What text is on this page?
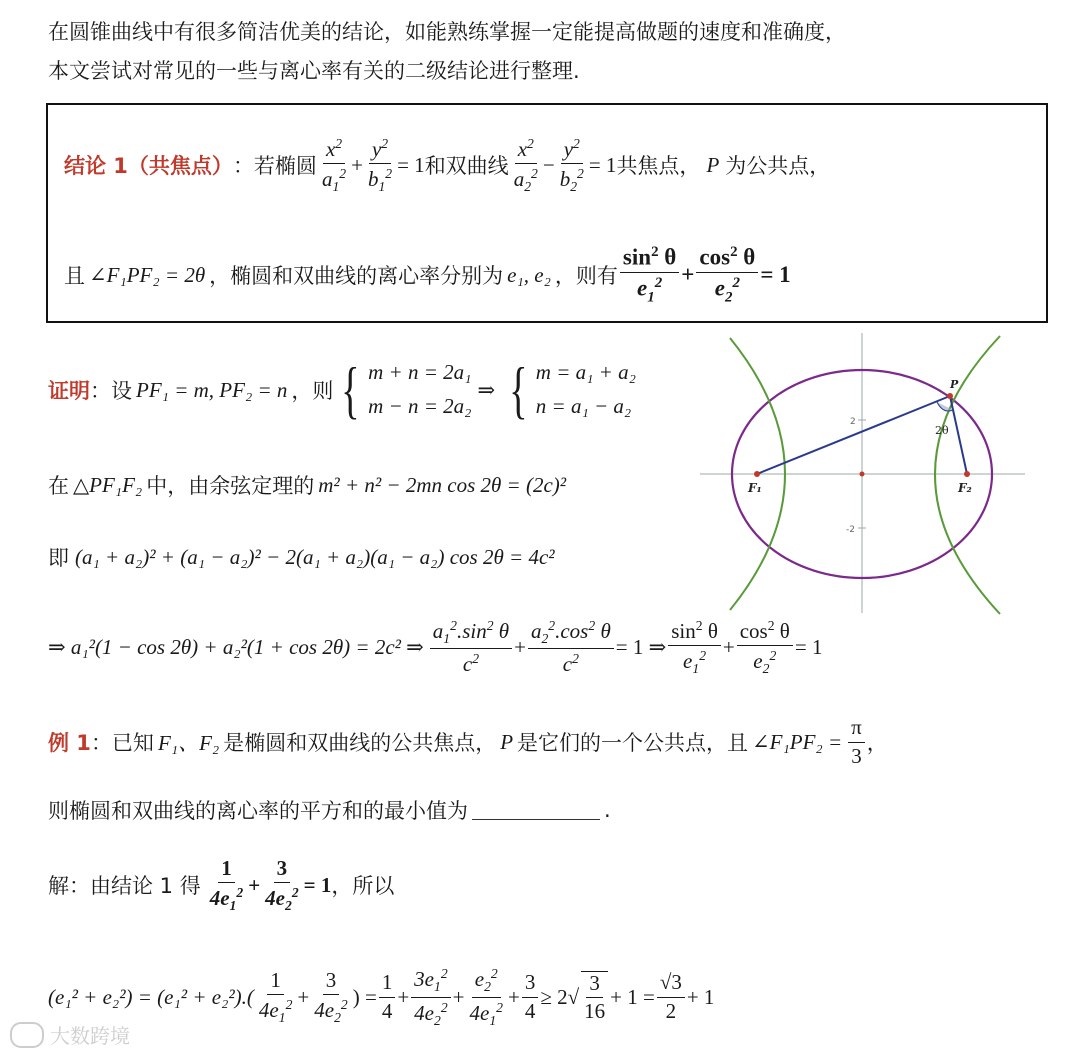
在圆锥曲线中有很多简洁优美的结论，如能熟练掌握一定能提高做题的速度和准确度，
本文尝试对常见的一些与离心率有关的二级结论进行整理.
结论 1（共焦点） ：若椭圆 $\frac{x^2}{a_1^2} + \frac{y^2}{b_1^2} = 1$ 和双曲线 $\frac{x^2}{a_2^2} - \frac{y^2}{b_2^2} = 1$ 共焦点， P 为公共点，
且 ∠F₁PF₂ = 2θ ，椭圆和双曲线的离心率分别为 e₁, e₂ ，则有 $\frac{\sin^2 \theta}{e_1^2} + \frac{\cos^2 \theta}{e_2^2} = 1$
证明 ：设 PF₁ = m, PF₂ = n ，则 { m + n = 2a₁
m − n = 2a₂
⇒ { m = a₁ + a₂
n = a₁ − a₂
在 △PF₁F₂ 中，由余弦定理的 m² + n² − 2mn cos 2θ = (2c)²
即 (a₁ + a₂)² + (a₁ − a₂)² − 2(a₁ + a₂)(a₁ − a₂) cos 2θ = 4c²
⇒ a₁²(1 − cos 2θ) + a₂²(1 + cos 2θ) = 2c² ⇒ $\frac{a_1^2.\sin^2 \theta}{c^2} + \frac{a_2^2.\cos^2 \theta}{c^2} = 1$ ⇒ $\frac{\sin^2 \theta}{e_1^2} + \frac{\cos^2 \theta}{e_2^2} = 1$
例 1 ：已知 F₁、F₂ 是椭圆和双曲线的公共焦点， P 是它们的一个公共点，且 ∠F₁PF₂ = $\frac{\pi}{3}$ ，
则椭圆和双曲线的离心率的平方和的最小值为	.
解：由结论 1 得 $\frac{1}{4e_1^2} + \frac{3}{4e_2^2} = 1$ ，所以
$(e_1^2 + e_2^2) = (e_1^2 + e_2^2).( \frac{1}{4e_1^2} + \frac{3}{4e_2^2}$ ) = $\frac{1}{4} + \frac{3e_1^2}{4e_2^2} + \frac{e_2^2}{4e_1^2} + \frac{3}{4} \ge 2√ \frac{3}{16} + 1 = \frac{√3}{2} + 1$
2
-2
F₁	F₂
P
2θ
大数跨境
